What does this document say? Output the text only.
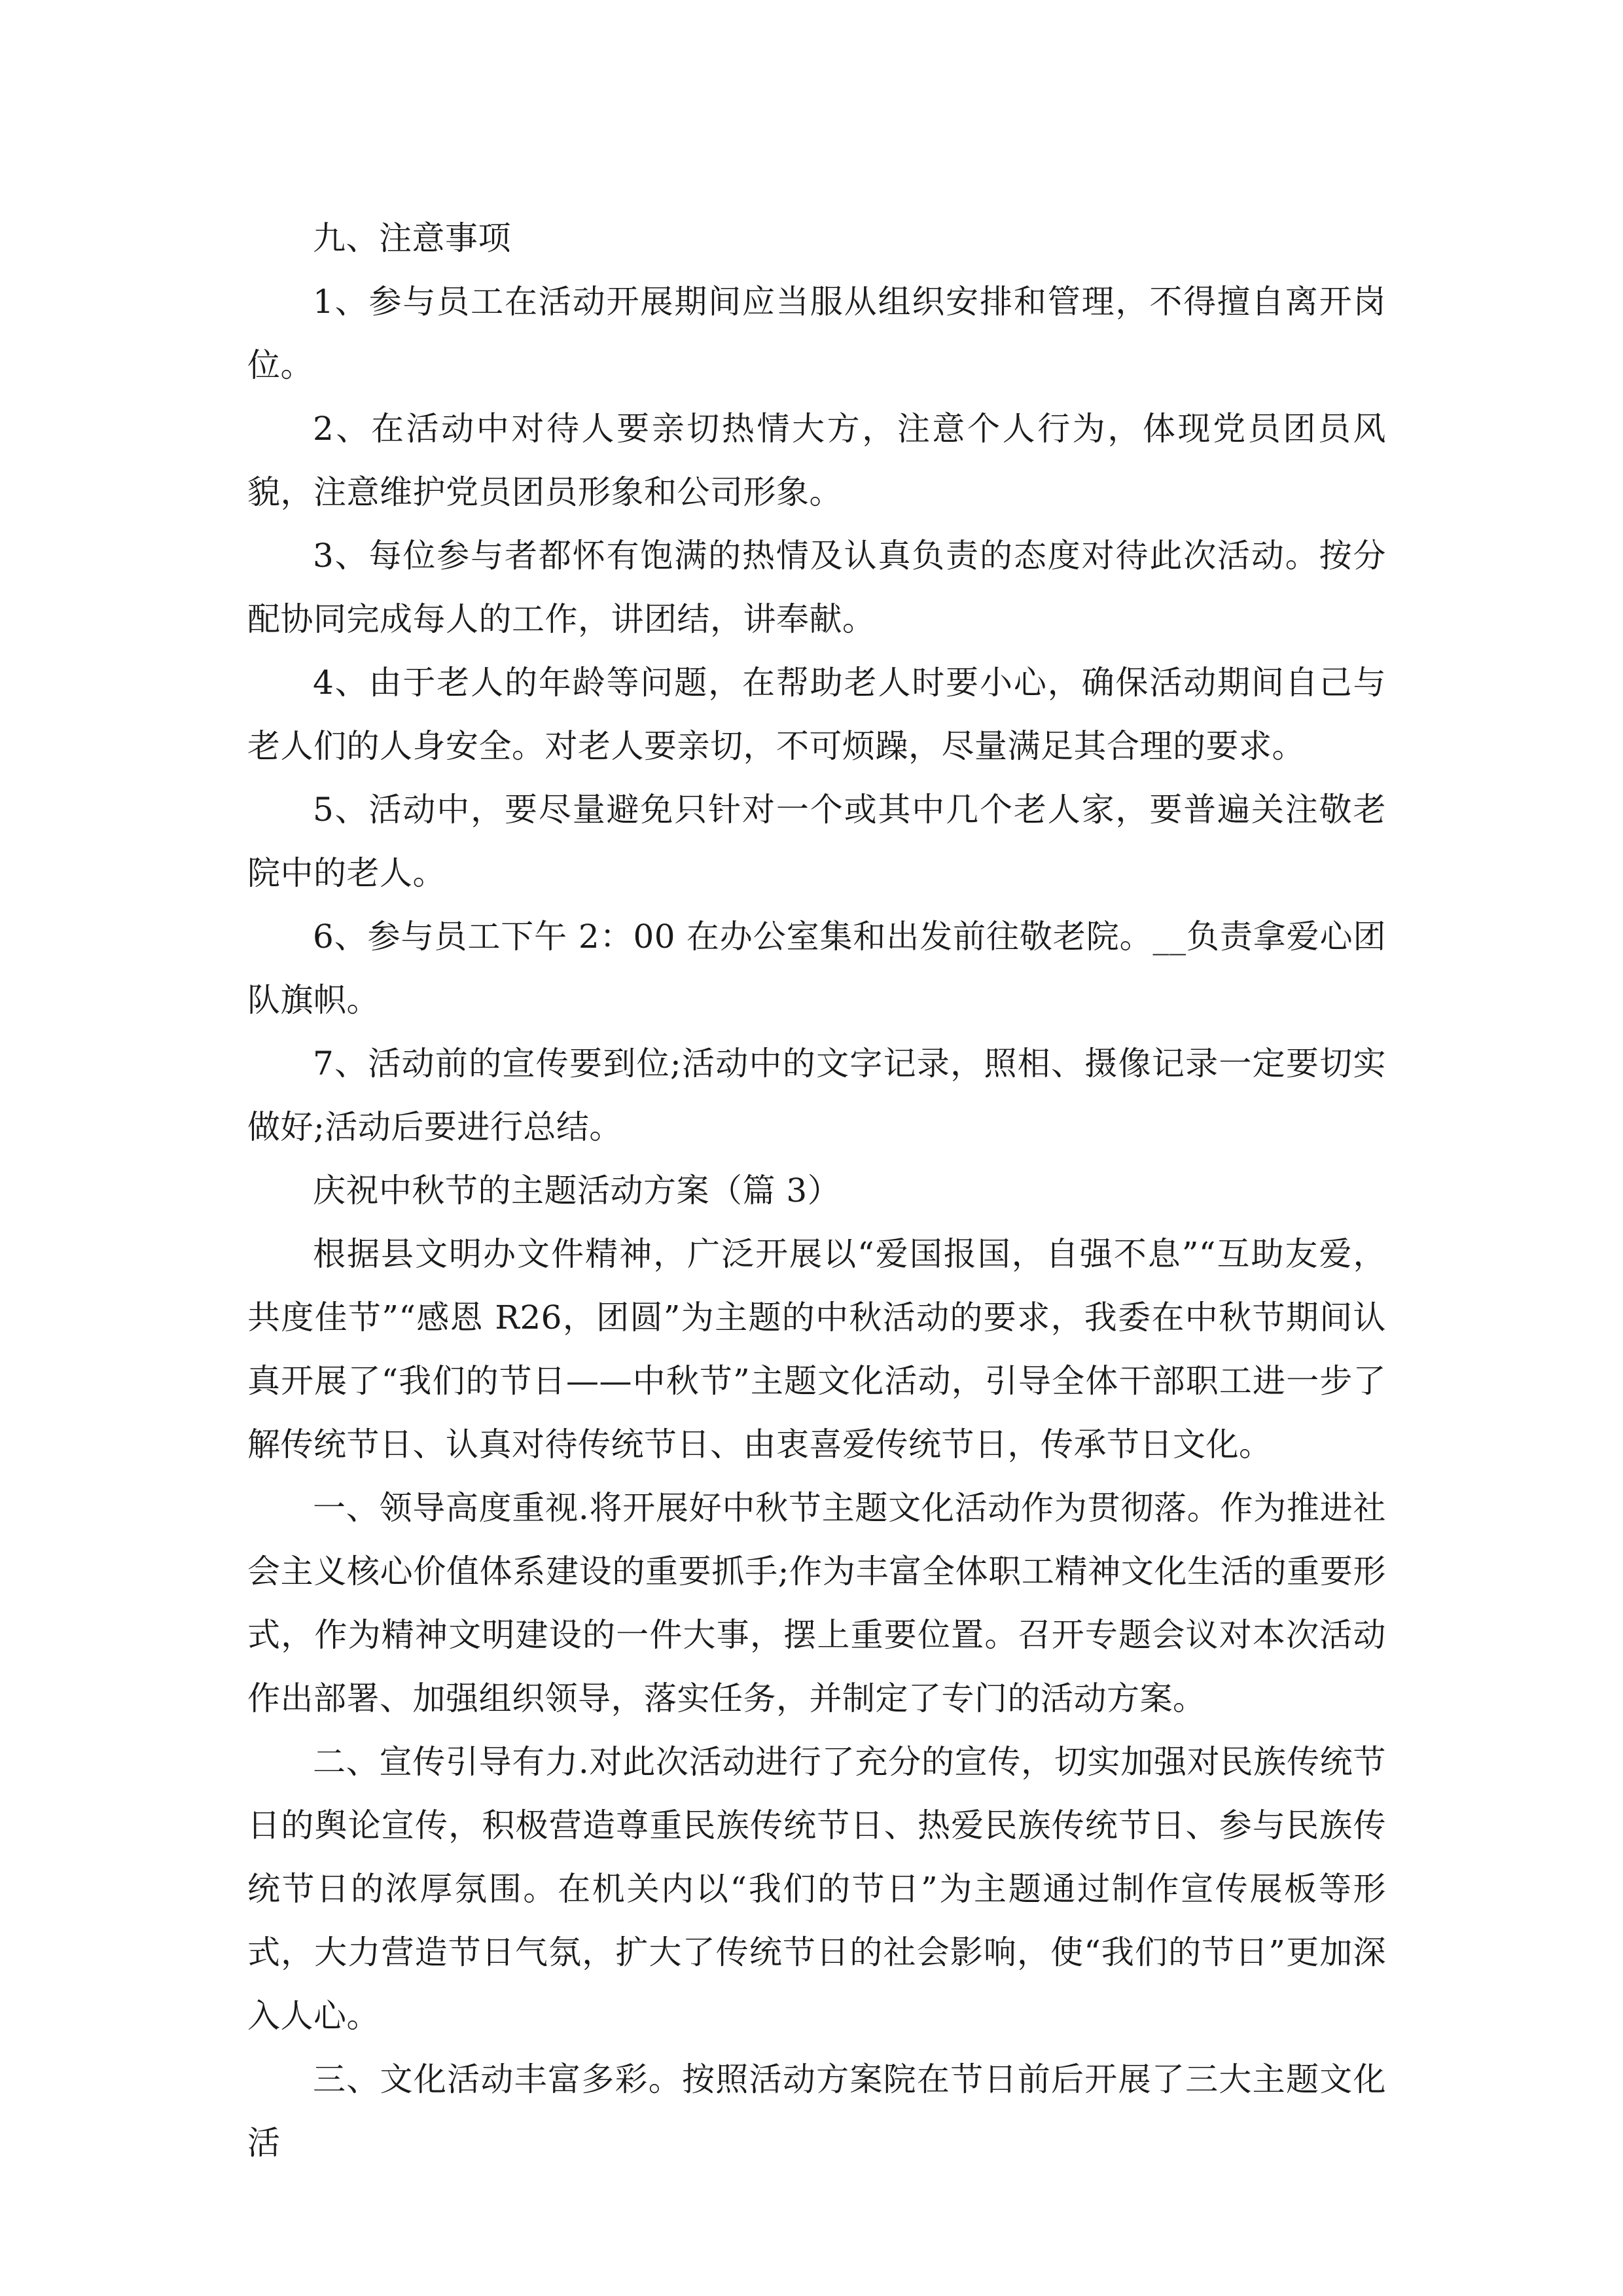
九、注意事项

1、参与员工在活动开展期间应当服从组织安排和管理，不得擅自离开岗位。

2、在活动中对待人要亲切热情大方，注意个人行为，体现党员团员风貌，注意维护党员团员形象和公司形象。

3、每位参与者都怀有饱满的热情及认真负责的态度对待此次活动。按分配协同完成每人的工作，讲团结，讲奉献。

4、由于老人的年龄等问题，在帮助老人时要小心，确保活动期间自己与老人们的人身安全。对老人要亲切，不可烦躁，尽量满足其合理的要求。

5、活动中，要尽量避免只针对一个或其中几个老人家，要普遍关注敬老院中的老人。

6、参与员工下午 2：00 在办公室集和出发前往敬老院。__负责拿爱心团队旗帜。

7、活动前的宣传要到位;活动中的文字记录，照相、摄像记录一定要切实做好;活动后要进行总结。

庆祝中秋节的主题活动方案（篇 3）

根据县文明办文件精神，广泛开展以“爱国报国，自强不息”“互助友爱，共度佳节”“感恩 R26，团圆”为主题的中秋活动的要求，我委在中秋节期间认真开展了“我们的节日——中秋节”主题文化活动，引导全体干部职工进一步了解传统节日、认真对待传统节日、由衷喜爱传统节日，传承节日文化。

一、领导高度重视.将开展好中秋节主题文化活动作为贯彻落。作为推进社会主义核心价值体系建设的重要抓手;作为丰富全体职工精神文化生活的重要形式，作为精神文明建设的一件大事，摆上重要位置。召开专题会议对本次活动作出部署、加强组织领导，落实任务，并制定了专门的活动方案。

二、宣传引导有力.对此次活动进行了充分的宣传，切实加强对民族传统节日的舆论宣传，积极营造尊重民族传统节日、热爱民族传统节日、参与民族传统节日的浓厚氛围。在机关内以“我们的节日”为主题通过制作宣传展板等形式，大力营造节日气氛，扩大了传统节日的社会影响，使“我们的节日”更加深入人心。

三、文化活动丰富多彩。按照活动方案院在节日前后开展了三大主题文化活
